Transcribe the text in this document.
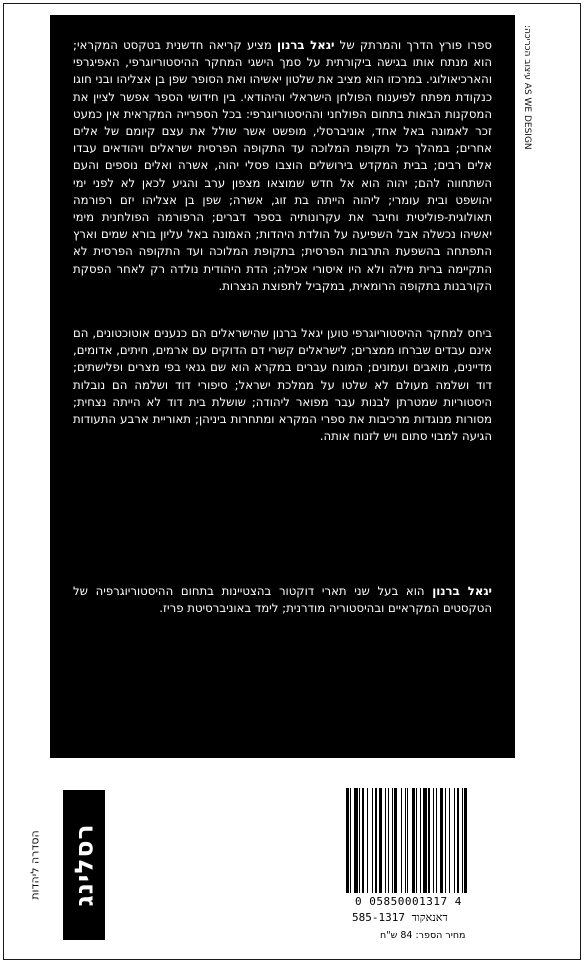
ספרו פורץ הדרך והמרתק של יגאל ברנון מציע קריאה חדשנית בטקסט המקראי; הוא מנתח אותו בגישה ביקורתית על סמך הישגי המחקר ההיסטוריוגרפי, האפיגרפי והארכיאולוגי. במרכזו הוא מציב את שלטון יאשיהו ואת הסופר שפן בן אצליהו ובני חוגו כנקודת מפתח לפיענוח הפולחן הישראלי והיהודאי. בין חידושי הספר אפשר לציין את המסקנות הבאות בתחום הפולחני וההיסטוריוגרפי: בכל הספרייה המקראית אין כמעט זכר לאמונה באל אחד, אוניברסלי, מופשט אשר שולל את עצם קיומם של אלים אחרים; במהלך כל תקופת המלוכה עד התקופה הפרסית ישראלים ויהודאים עבדו אלים רבים; בבית המקדש בירושלים הוצבו פסלי יהוה, אשרה ואלים נוספים והעם השתחווה להם; יהוה הוא אל חדש שמוצאו מצפון ערב והגיע לכאן לא לפני ימי יהושפט ובית עומרי; ליהוה הייתה בת זוג, אשרה; שפן בן אצליהו יזם רפורמה תאולוגית-פוליטית וחיבר את עקרונותיה בספר דברים; הרפורמה הפולחנית מימי יאשיהו נכשלה אבל השפיעה על הולדת היהדות; האמונה באל עליון בורא שמים וארץ התפתחה בהשפעת התרבות הפרסית; בתקופת המלוכה ועד התקופה הפרסית לא התקיימה ברית מילה ולא היו איסורי אכילה; הדת היהודית נולדה רק לאחר הפסקת הקורבנות בתקופה הרומאית, במקביל לתפוצת הנצרות.

ביחס למחקר ההיסטוריוגרפי טוען יגאל ברנון שהישראלים הם כנענים אוטוכטונים, הם אינם עבדים שברחו ממצרים; לישראלים קשרי דם הדוקים עם ארמים, חיתים, אדומים, מדיינים, מואבים ועמונים; המונח עברים במקרא הוא שם גנאי בפי מצרים ופלישתים; דוד ושלמה מעולם לא שלטו על ממלכת ישראל; סיפורי דוד ושלמה הם נובלות היסטוריות שמטרתן לבנות עבר מפואר ליהודה; שושלת בית דוד לא הייתה נצחית; מסורות מנוגדות מרכיבות את ספרי המקרא ומתחרות ביניהן; תאוריית ארבע התעודות הגיעה למבוי סתום ויש לזנוח אותה.

יגאל ברנון הוא בעל שני תארי דוקטור בהצטיינות בתחום ההיסטוריוגרפיה של הטקסטים המקראיים ובהיסטוריה מודרנית; לימד באוניברסיטת פריז.

עיצוב הכריכה: AS WE DESIGN
רסלינג
הסדרה ליהדות
0 05850001317 4
דאנאקוד 585-1317
מחיר הספר: 84 ש"ח
